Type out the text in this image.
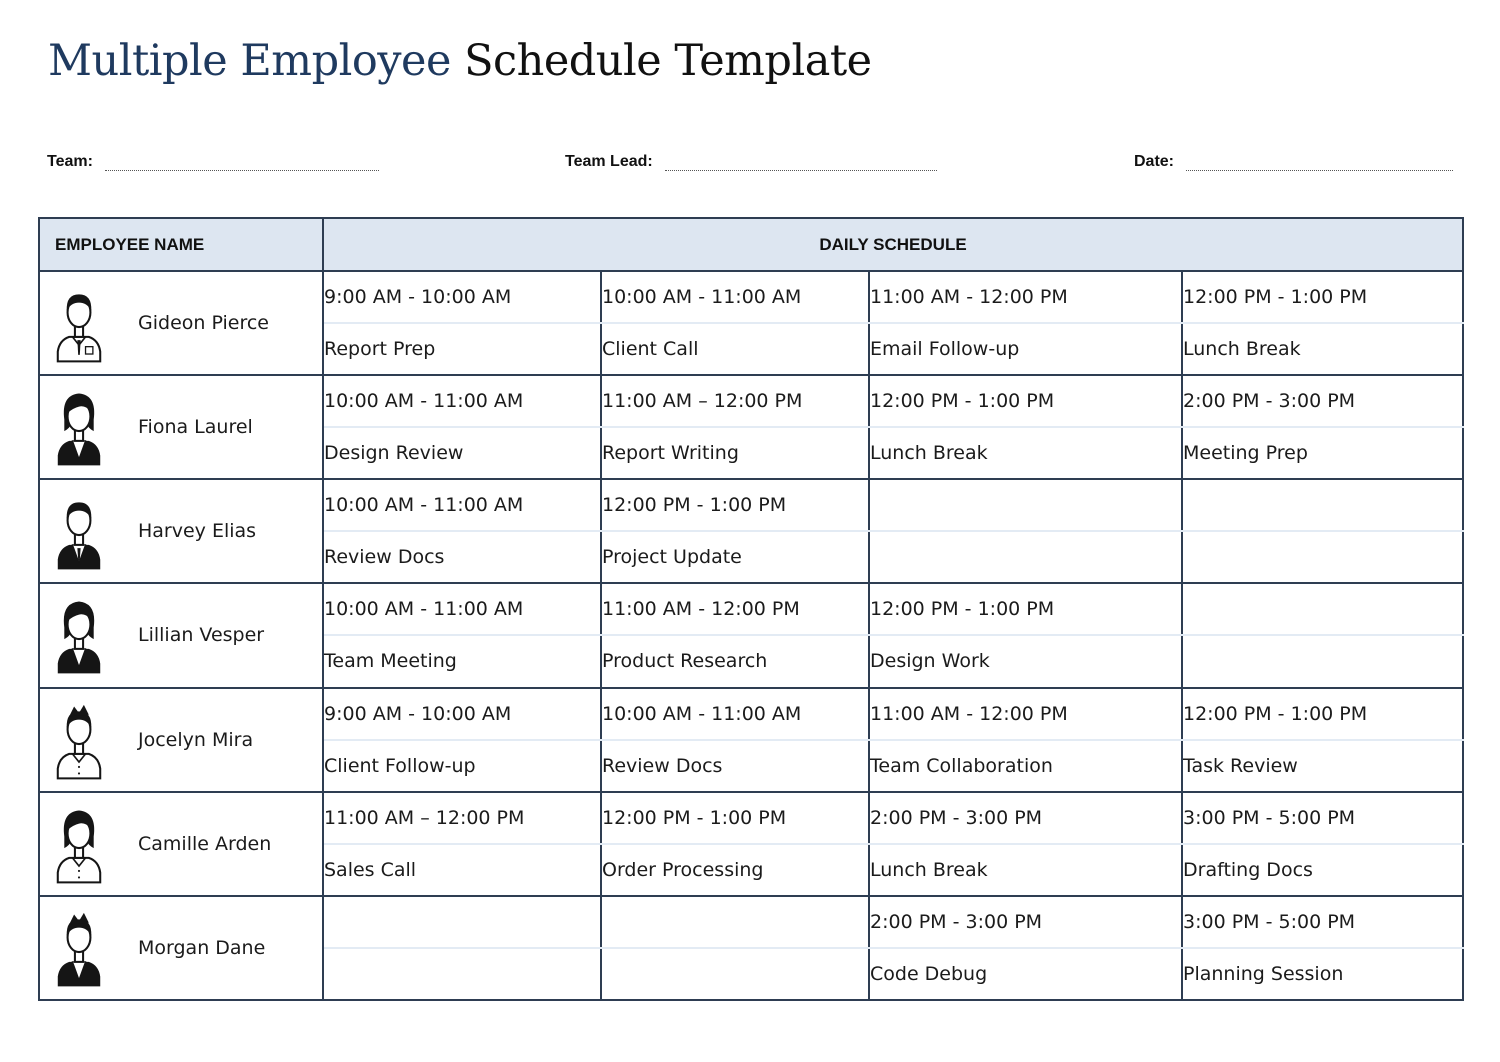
Multiple Employee Schedule Template
Team:	Team Lead:	Date:
EMPLOYEE NAME	DAILY SCHEDULE			

Gideon Pierce	9:00 AM - 10:00 AM	10:00 AM - 11:00 AM	11:00 AM - 12:00 PM	12:00 PM - 1:00 PM
	Report Prep	Client Call	Email Follow-up	Lunch Break

Fiona Laurel	10:00 AM - 11:00 AM	11:00 AM – 12:00 PM	12:00 PM - 1:00 PM	2:00 PM - 3:00 PM
	Design Review	Report Writing	Lunch Break	Meeting Prep

Harvey Elias	10:00 AM - 11:00 AM	12:00 PM - 1:00 PM		
	Review Docs	Project Update		

Lillian Vesper	10:00 AM - 11:00 AM	11:00 AM - 12:00 PM	12:00 PM - 1:00 PM	
	Team Meeting	Product Research	Design Work	

Jocelyn Mira	9:00 AM - 10:00 AM	10:00 AM - 11:00 AM	11:00 AM - 12:00 PM	12:00 PM - 1:00 PM
	Client Follow-up	Review Docs	Team Collaboration	Task Review

Camille Arden	11:00 AM – 12:00 PM	12:00 PM - 1:00 PM	2:00 PM - 3:00 PM	3:00 PM - 5:00 PM
	Sales Call	Order Processing	Lunch Break	Drafting Docs

Morgan Dane			2:00 PM - 3:00 PM	3:00 PM - 5:00 PM
			Code Debug	Planning Session
